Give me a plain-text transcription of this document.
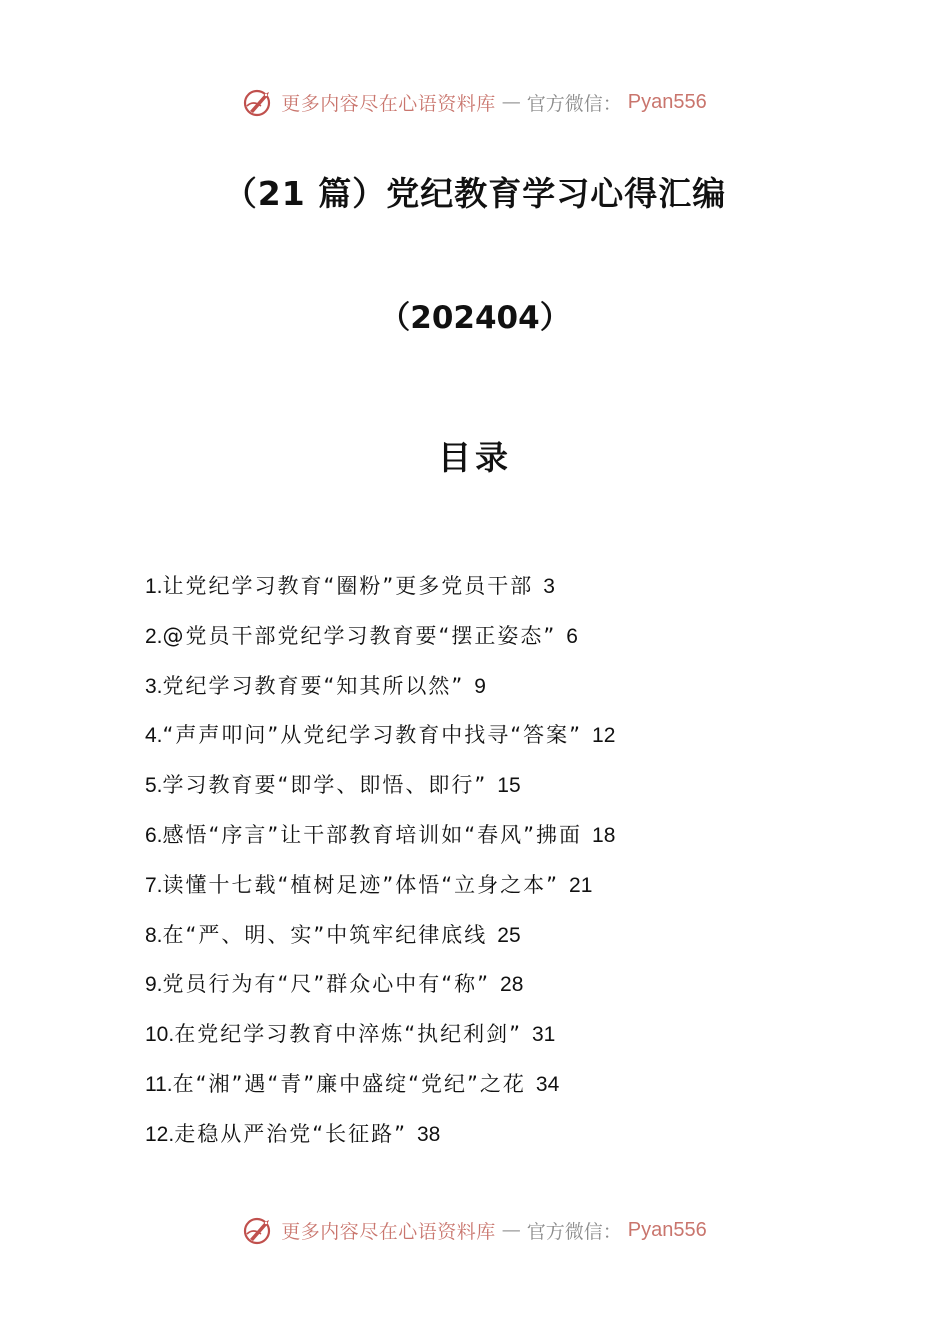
更多内容尽在心语资料库 — 官方微信： Pyan556
（21 篇）党纪教育学习心得汇编
（202404）
目录
1.让党纪学习教育“圈粉”更多党员干部 3
2.@党员干部党纪学习教育要“摆正姿态” 6
3.党纪学习教育要“知其所以然” 9
4.“声声叩问”从党纪学习教育中找寻“答案” 12
5.学习教育要“即学、即悟、即行” 15
6.感悟“序言”让干部教育培训如“春风”拂面 18
7.读懂十七载“植树足迹”体悟“立身之本” 21
8.在“严、明、实”中筑牢纪律底线 25
9.党员行为有“尺”群众心中有“称” 28
10.在党纪学习教育中淬炼“执纪利剑” 31
11.在“湘”遇“青”廉中盛绽“党纪”之花 34
12.走稳从严治党“长征路” 38
更多内容尽在心语资料库 — 官方微信： Pyan556
